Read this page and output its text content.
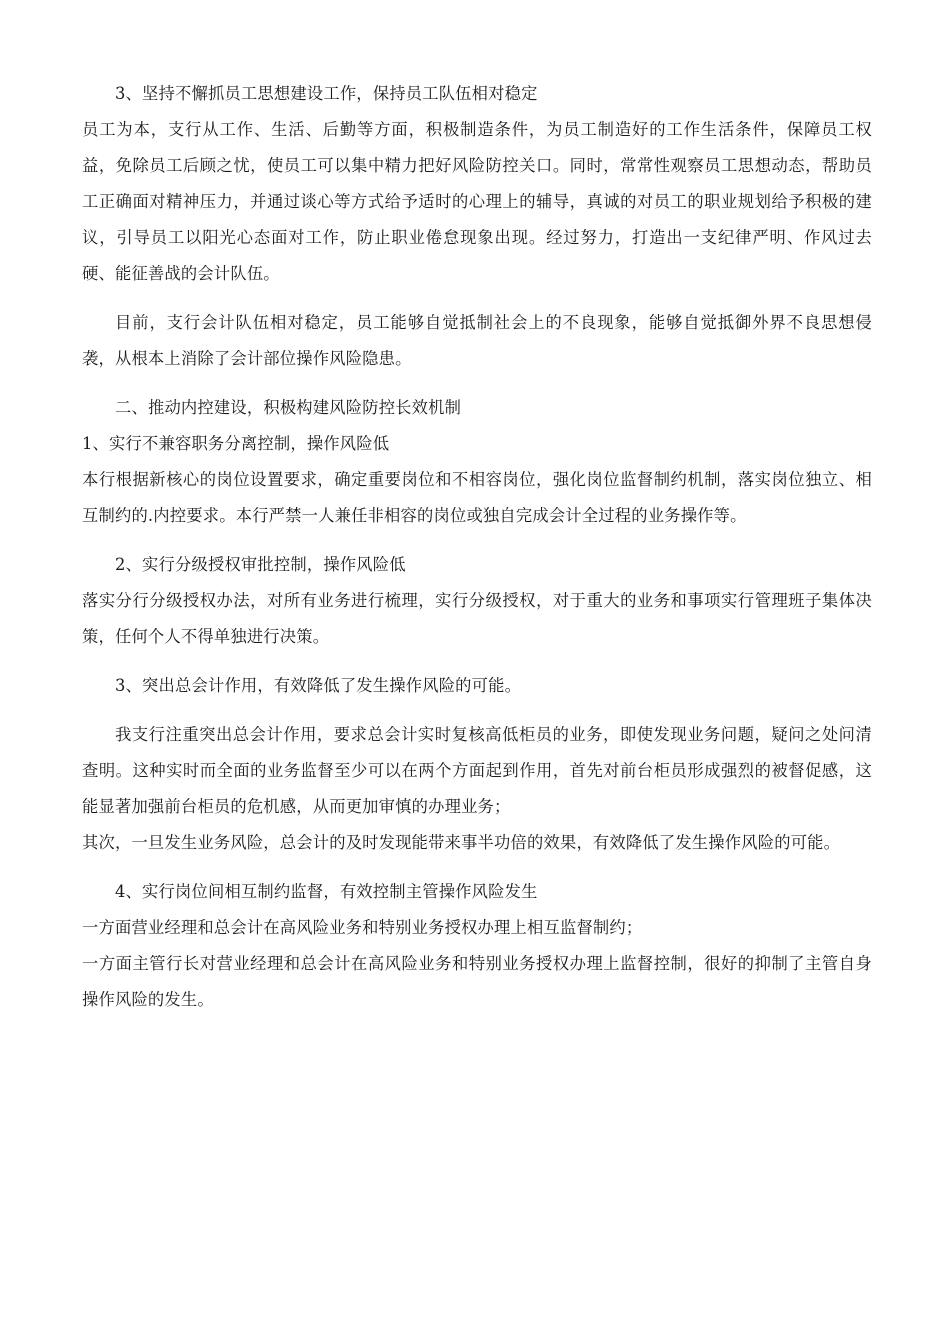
3、坚持不懈抓员工思想建设工作，保持员工队伍相对稳定

员工为本，支行从工作、生活、后勤等方面，积极制造条件，为员工制造好的工作生活条件，保障员工权益，免除员工后顾之忧，使员工可以集中精力把好风险防控关口。同时，常常性观察员工思想动态，帮助员工正确面对精神压力，并通过谈心等方式给予适时的心理上的辅导，真诚的对员工的职业规划给予积极的建议，引导员工以阳光心态面对工作，防止职业倦怠现象出现。经过努力，打造出一支纪律严明、作风过去硬、能征善战的会计队伍。

目前，支行会计队伍相对稳定，员工能够自觉抵制社会上的不良现象，能够自觉抵御外界不良思想侵袭，从根本上消除了会计部位操作风险隐患。

二、推动内控建设，积极构建风险防控长效机制

1、实行不兼容职务分离控制，操作风险低

本行根据新核心的岗位设置要求，确定重要岗位和不相容岗位，强化岗位监督制约机制，落实岗位独立、相互制约的.内控要求。本行严禁一人兼任非相容的岗位或独自完成会计全过程的业务操作等。

2、实行分级授权审批控制，操作风险低

落实分行分级授权办法，对所有业务进行梳理，实行分级授权，对于重大的业务和事项实行管理班子集体决策，任何个人不得单独进行决策。

3、突出总会计作用，有效降低了发生操作风险的可能。

我支行注重突出总会计作用，要求总会计实时复核高低柜员的业务，即使发现业务问题，疑问之处问清查明。这种实时而全面的业务监督至少可以在两个方面起到作用，首先对前台柜员形成强烈的被督促感，这能显著加强前台柜员的危机感，从而更加审慎的办理业务；

其次，一旦发生业务风险，总会计的及时发现能带来事半功倍的效果，有效降低了发生操作风险的可能。

4、实行岗位间相互制约监督，有效控制主管操作风险发生

一方面营业经理和总会计在高风险业务和特别业务授权办理上相互监督制约；

一方面主管行长对营业经理和总会计在高风险业务和特别业务授权办理上监督控制，很好的抑制了主管自身操作风险的发生。
